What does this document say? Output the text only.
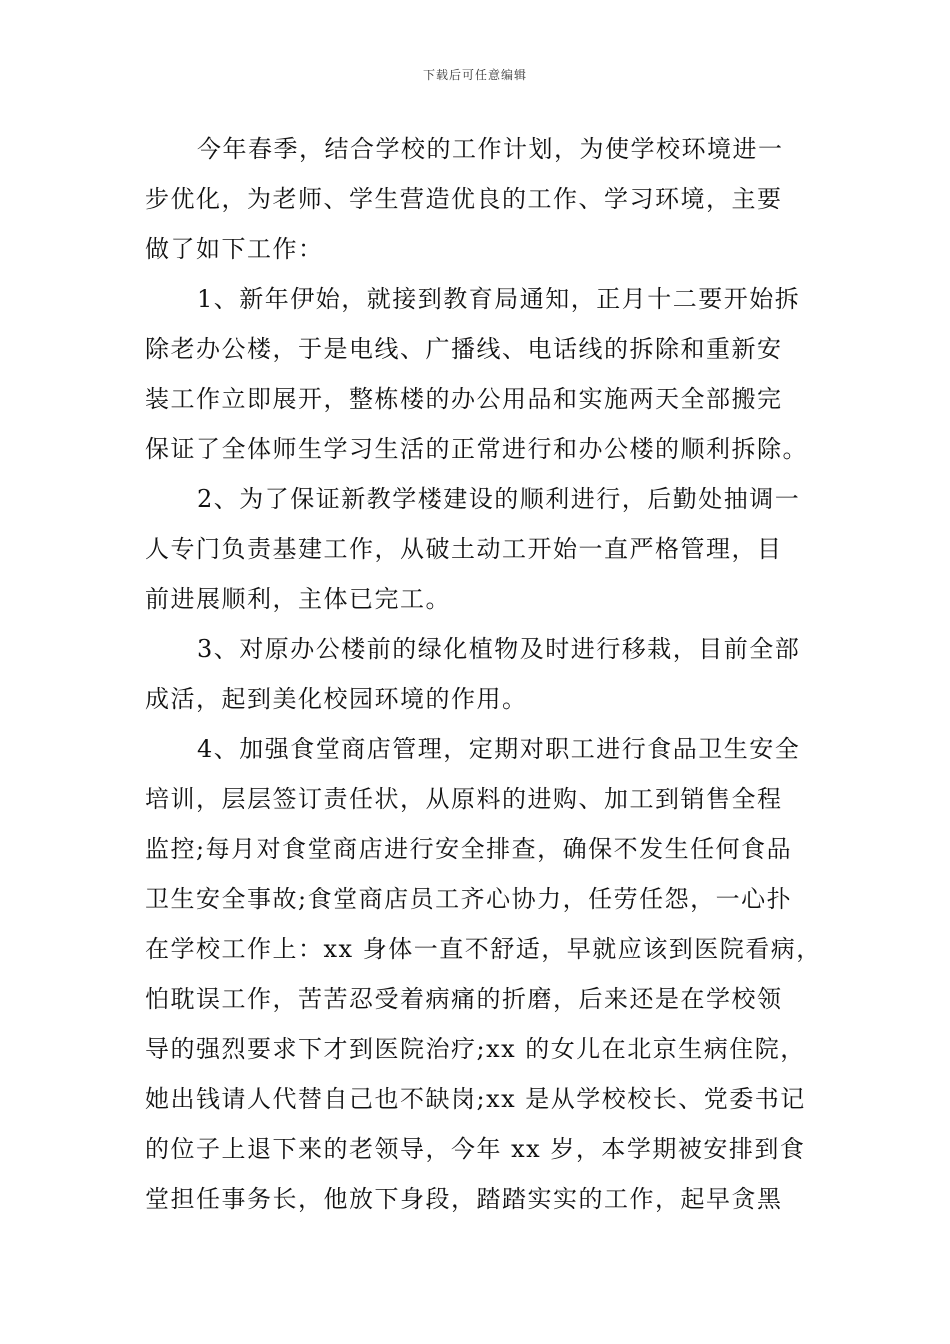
下载后可任意编辑
今年春季，结合学校的工作计划，为使学校环境进一
步优化，为老师、学生营造优良的工作、学习环境，主要
做了如下工作：
1、新年伊始，就接到教育局通知，正月十二要开始拆
除老办公楼，于是电线、广播线、电话线的拆除和重新安
装工作立即展开，整栋楼的办公用品和实施两天全部搬完
保证了全体师生学习生活的正常进行和办公楼的顺利拆除。
2、为了保证新教学楼建设的顺利进行，后勤处抽调一
人专门负责基建工作，从破土动工开始一直严格管理，目
前进展顺利，主体已完工。
3、对原办公楼前的绿化植物及时进行移栽，目前全部
成活，起到美化校园环境的作用。
4、加强食堂商店管理，定期对职工进行食品卫生安全
培训，层层签订责任状，从原料的进购、加工到销售全程
监控;每月对食堂商店进行安全排查，确保不发生任何食品
卫生安全事故;食堂商店员工齐心协力，任劳任怨，一心扑
在学校工作上：xx 身体一直不舒适，早就应该到医院看病，
怕耽误工作，苦苦忍受着病痛的折磨，后来还是在学校领
导的强烈要求下才到医院治疗;xx 的女儿在北京生病住院，
她出钱请人代替自己也不缺岗;xx 是从学校校长、党委书记
的位子上退下来的老领导，今年 xx 岁，本学期被安排到食
堂担任事务长，他放下身段，踏踏实实的工作，起早贪黑
